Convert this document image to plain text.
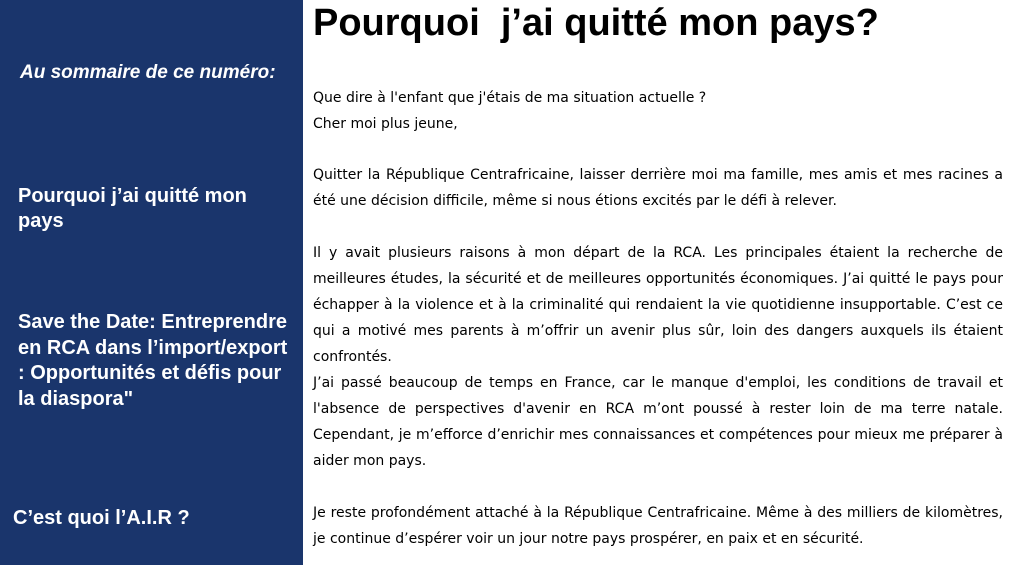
Au sommaire de ce numéro:

Pourquoi j’ai quitté mon pays

Save the Date: Entreprendre en RCA dans l’import/export : Opportunités et défis pour la diaspora"

C’est quoi l’A.I.R ?

Pourquoi  j’ai quitté mon pays?

Que dire à l'enfant que j'étais de ma situation actuelle ?

Cher moi plus jeune,

Quitter la République Centrafricaine, laisser derrière moi ma famille, mes amis et mes racines a été une décision difficile, même si nous étions excités par le défi à relever.

Il y avait plusieurs raisons à mon départ de la RCA. Les principales étaient la recherche de meilleures études, la sécurité et de meilleures opportunités économiques. J’ai quitté le pays pour échapper à la violence et à la criminalité qui rendaient la vie quotidienne insupportable. C’est ce qui a motivé mes parents à m’offrir un avenir plus sûr, loin des dangers auxquels ils étaient confrontés.

J’ai passé beaucoup de temps en France, car le manque d'emploi, les conditions de travail et l'absence de perspectives d'avenir en RCA m’ont poussé à rester loin de ma terre natale. Cependant, je m’efforce d’enrichir mes connaissances et compétences pour mieux me préparer à aider mon pays.

Je reste profondément attaché à la République Centrafricaine. Même à des milliers de kilomètres, je continue d’espérer voir un jour notre pays prospérer, en paix et en sécurité.
